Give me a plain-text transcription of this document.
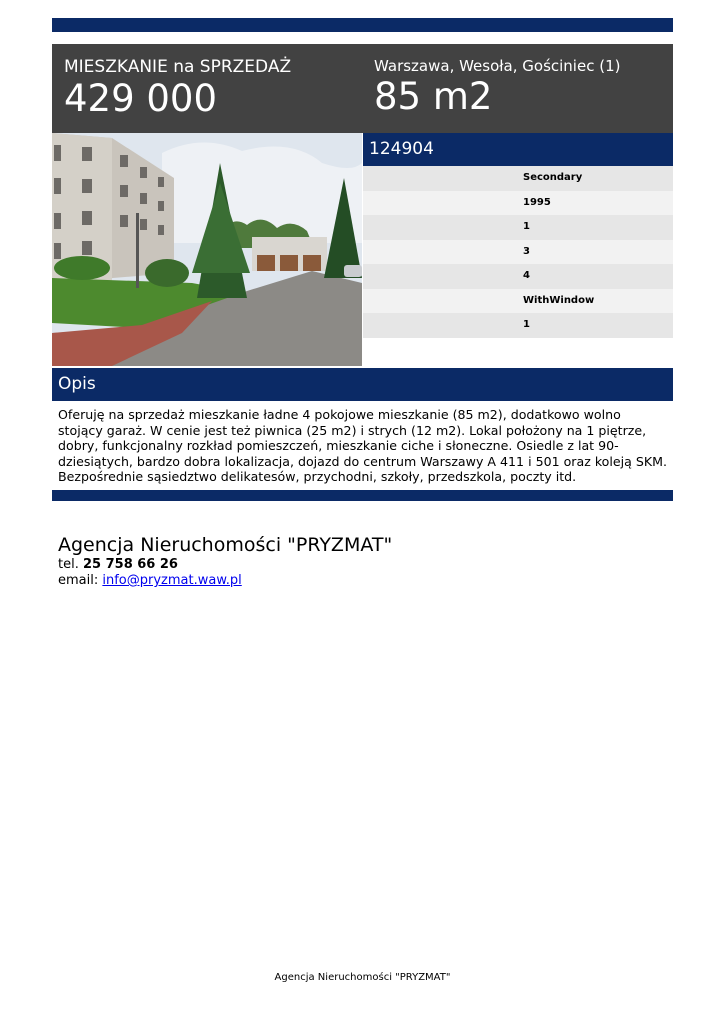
MIESZKANIE na SPRZEDAŻ
429 000
Warszawa, Wesoła, Gościniec (1)
85 m2
124904
Secondary
1995
1
3
4
WithWindow
1
Opis
Oferuję na sprzedaż mieszkanie ładne 4 pokojowe mieszkanie (85 m2), dodatkowo wolno stojący garaż. W cenie jest też piwnica (25 m2) i strych (12 m2). Lokal położony na 1 piętrze, dobry, funkcjonalny rozkład pomieszczeń, mieszkanie ciche i słoneczne. Osiedle z lat 90-dziesiątych, bardzo dobra lokalizacja, dojazd do centrum Warszawy A 411 i 501 oraz koleją SKM. Bezpośrednie sąsiedztwo delikatesów, przychodni, szkoły, przedszkola, poczty itd.
Agencja Nieruchomości "PRYZMAT"
tel. 25 758 66 26
email: info@pryzmat.waw.pl
Agencja Nieruchomości "PRYZMAT"
